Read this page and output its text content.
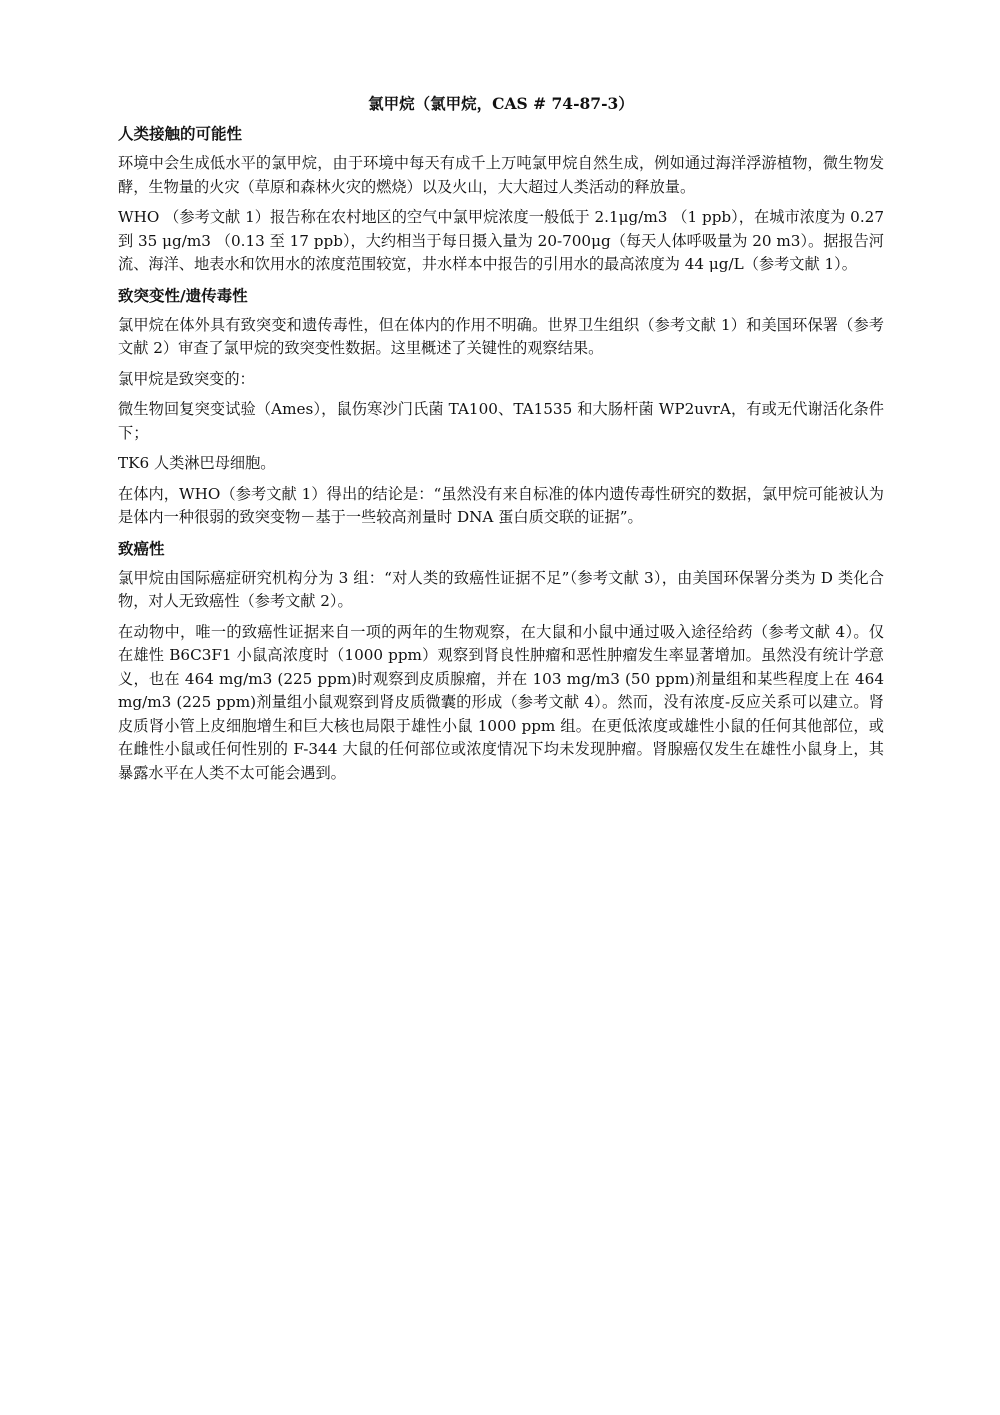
氯甲烷（氯甲烷，CAS # 74-87-3）
人类接触的可能性

环境中会生成低水平的氯甲烷，由于环境中每天有成千上万吨氯甲烷自然生成，例如通过海洋浮游植物，微生物发酵，生物量的火灾（草原和森林火灾的燃烧）以及火山，大大超过人类活动的释放量。

WHO （参考文献 1）报告称在农村地区的空气中氯甲烷浓度一般低于 2.1μg/m3 （1 ppb），在城市浓度为 0.27 到 35 μg/m3 （0.13 至 17 ppb），大约相当于每日摄入量为 20-700μg（每天人体呼吸量为 20 m3）。据报告河流、海洋、地表水和饮用水的浓度范围较宽，井水样本中报告的引用水的最高浓度为 44 μg/L（参考文献 1）。

致突变性/遗传毒性

氯甲烷在体外具有致突变和遗传毒性，但在体内的作用不明确。世界卫生组织（参考文献 1）和美国环保署（参考文献 2）审查了氯甲烷的致突变性数据。这里概述了关键性的观察结果。

氯甲烷是致突变的：

微生物回复突变试验（Ames），鼠伤寒沙门氏菌 TA100、TA1535 和大肠杆菌 WP2uvrA，有或无代谢活化条件下；

TK6 人类淋巴母细胞。

在体内，WHO（参考文献 1）得出的结论是：“虽然没有来自标准的体内遗传毒性研究的数据，氯甲烷可能被认为是体内一种很弱的致突变物－基于一些较高剂量时 DNA 蛋白质交联的证据”。

致癌性

氯甲烷由国际癌症研究机构分为 3 组：“对人类的致癌性证据不足”（参考文献 3），由美国环保署分类为 D 类化合物，对人无致癌性（参考文献 2）。

在动物中，唯一的致癌性证据来自一项的两年的生物观察，在大鼠和小鼠中通过吸入途径给药（参考文献 4）。仅在雄性 B6C3F1 小鼠高浓度时（1000 ppm）观察到肾良性肿瘤和恶性肿瘤发生率显著增加。虽然没有统计学意义，也在 464 mg/m3 (225 ppm)时观察到皮质腺瘤，并在 103 mg/m3 (50 ppm)剂量组和某些程度上在 464 mg/m3 (225 ppm)剂量组小鼠观察到肾皮质微囊的形成（参考文献 4）。然而，没有浓度-反应关系可以建立。肾皮质肾小管上皮细胞增生和巨大核也局限于雄性小鼠 1000 ppm 组。在更低浓度或雄性小鼠的任何其他部位，或在雌性小鼠或任何性别的 F-344 大鼠的任何部位或浓度情况下均未发现肿瘤。肾腺癌仅发生在雄性小鼠身上，其暴露水平在人类不太可能会遇到。
